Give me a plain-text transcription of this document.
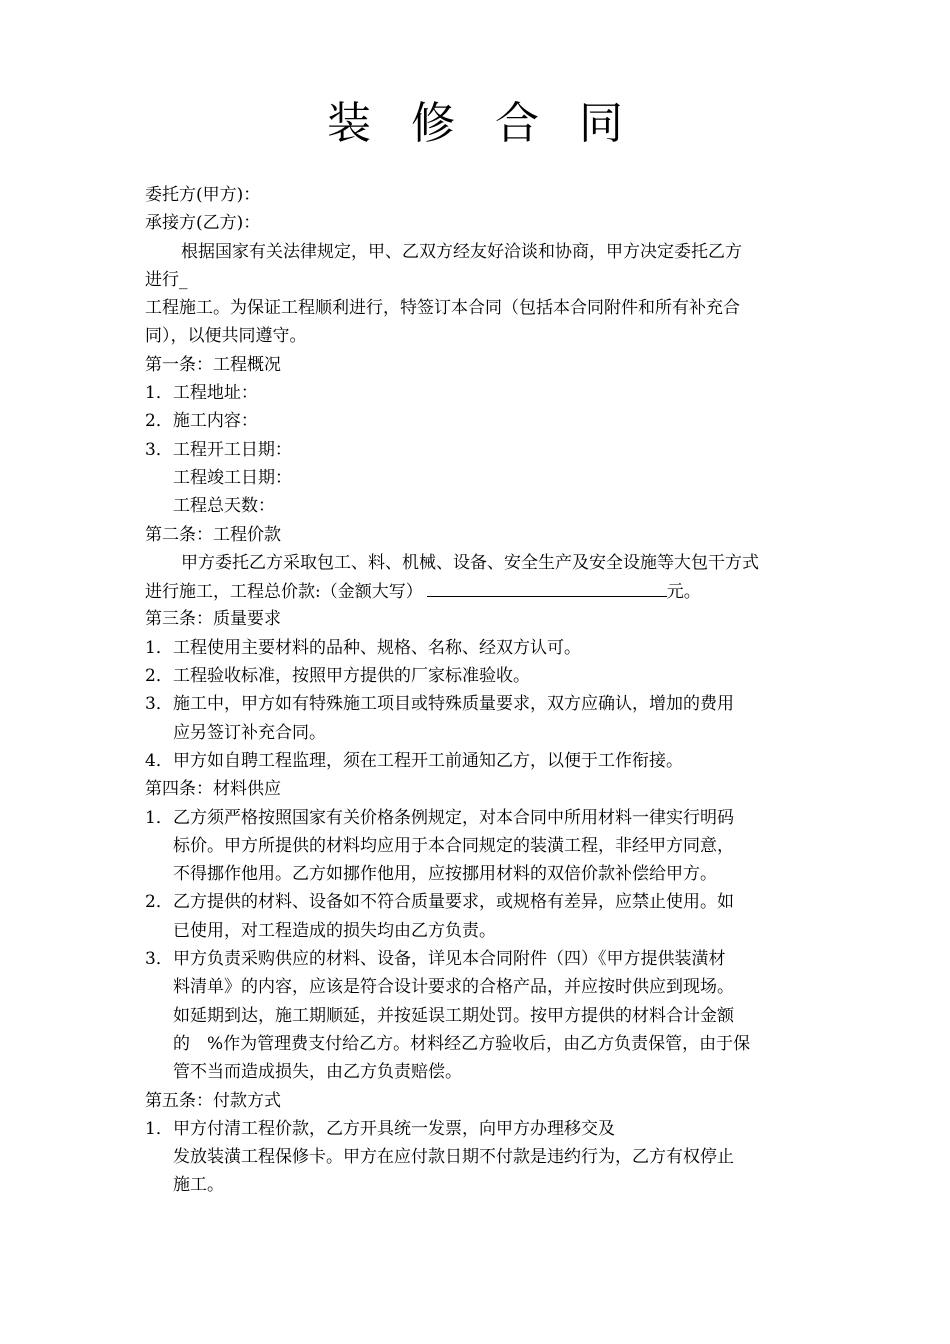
装 修 合 同
委托方(甲方)：
承接方(乙方)：
根据国家有关法律规定，甲、乙双方经友好洽谈和协商，甲方决定委托乙方
进行_
工程施工。为保证工程顺利进行，特签订本合同（包括本合同附件和所有补充合
同），以便共同遵守。
第一条：工程概况
1．工程地址：
2．施工内容：
3．工程开工日期：
工程竣工日期：
工程总天数：
第二条：工程价款
甲方委托乙方采取包工、料、机械、设备、安全生产及安全设施等大包干方式
进行施工，工程总价款:（金额大写）	元。
第三条：质量要求
1． 工程使用主要材料的品种、规格、名称、经双方认可。
2． 工程验收标准，按照甲方提供的厂家标准验收。
3． 施工中，甲方如有特殊施工项目或特殊质量要求，双方应确认，增加的费用
应另签订补充合同。
4． 甲方如自聘工程监理，须在工程开工前通知乙方，以便于工作衔接。
第四条：材料供应
1． 乙方须严格按照国家有关价格条例规定，对本合同中所用材料一律实行明码
标价。甲方所提供的材料均应用于本合同规定的装潢工程，非经甲方同意，
不得挪作他用。乙方如挪作他用，应按挪用材料的双倍价款补偿给甲方。
2． 乙方提供的材料、设备如不符合质量要求，或规格有差异，应禁止使用。如
已使用，对工程造成的损失均由乙方负责。
3． 甲方负责采购供应的材料、设备，详见本合同附件（四）《甲方提供装潢材
料清单》的内容，应该是符合设计要求的合格产品，并应按时供应到现场。
如延期到达，施工期顺延，并按延误工期处罚。按甲方提供的材料合计金额
的　%作为管理费支付给乙方。材料经乙方验收后，由乙方负责保管，由于保
管不当而造成损失，由乙方负责赔偿。
第五条：付款方式
1． 甲方付清工程价款，乙方开具统一发票，向甲方办理移交及
发放装潢工程保修卡。甲方在应付款日期不付款是违约行为，乙方有权停止
施工。
